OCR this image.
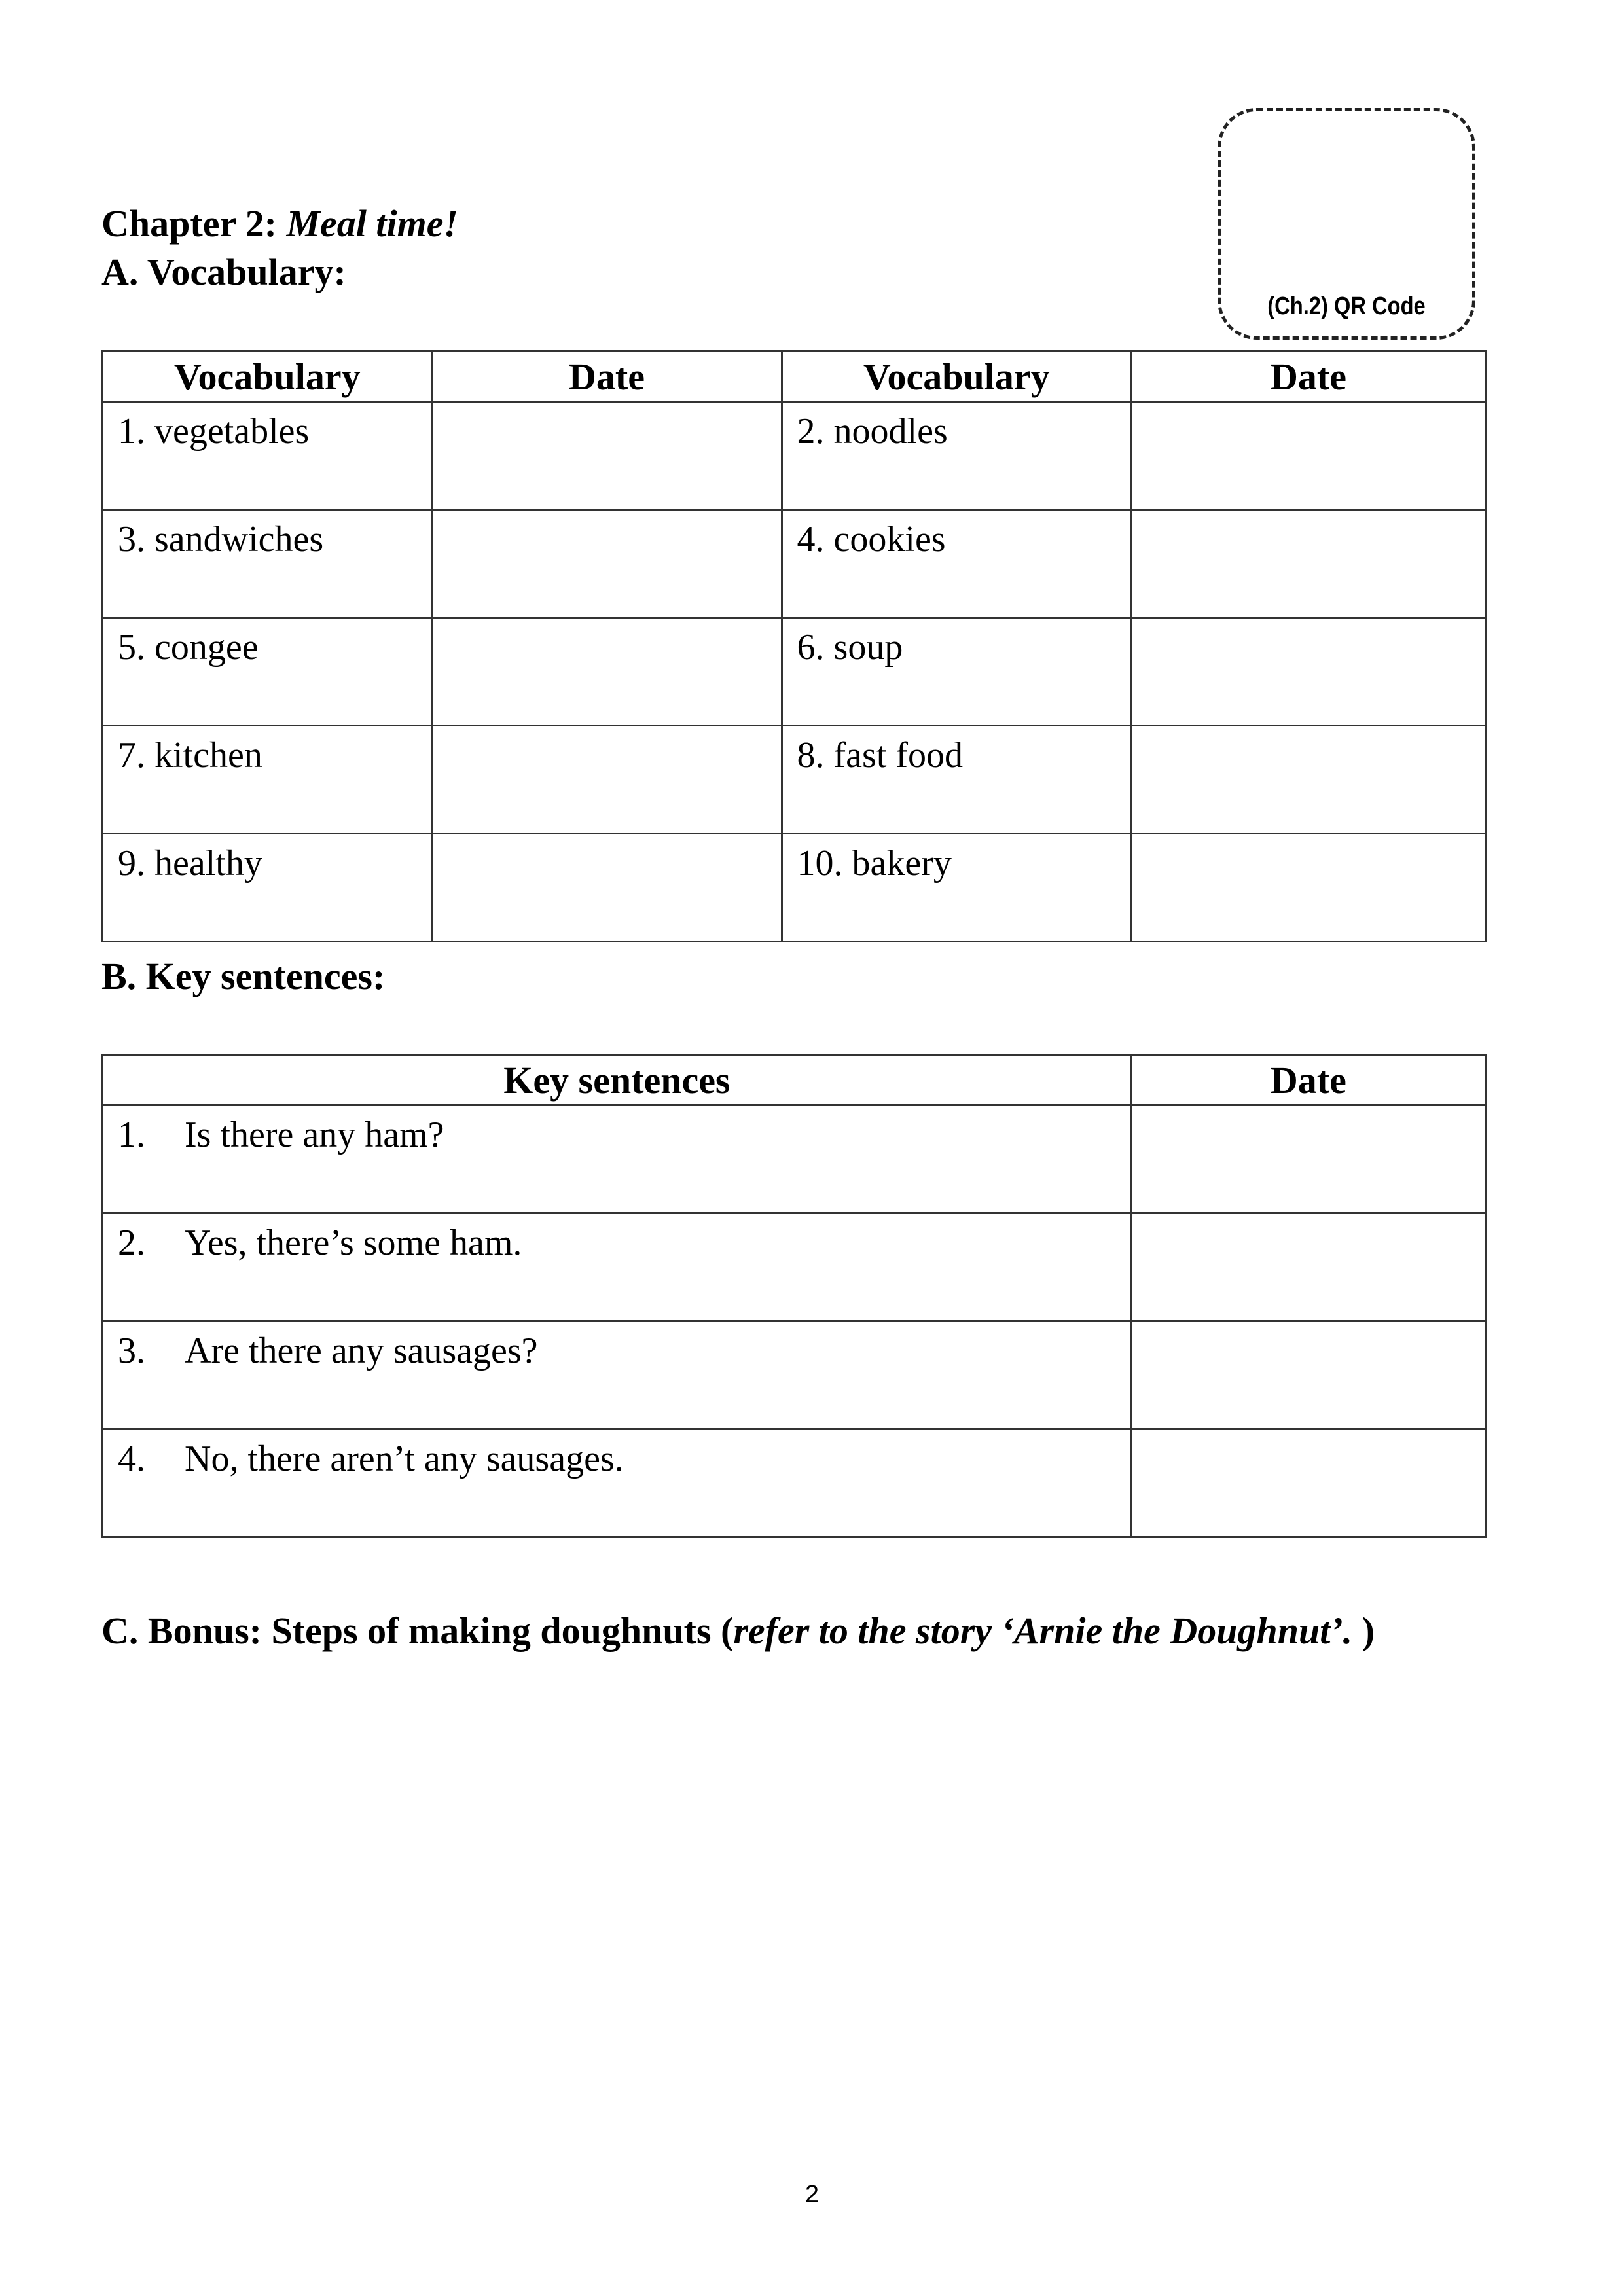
(Ch.2) QR Code
Chapter 2: Meal time!
A. Vocabulary:
Vocabulary	Date	Vocabulary	Date
1. vegetables		2. noodles	
3. sandwiches		4. cookies	
5. congee		6. soup	
7. kitchen		8. fast food	
9. healthy		10. bakery	
B. Key sentences:
Key sentences	Date
1. Is there any ham?	
2. Yes, there’s some ham.	
3. Are there any sausages?	
4. No, there aren’t any sausages.	
C. Bonus: Steps of making doughnuts (refer to the story ‘Arnie the Doughnut’. )
2
